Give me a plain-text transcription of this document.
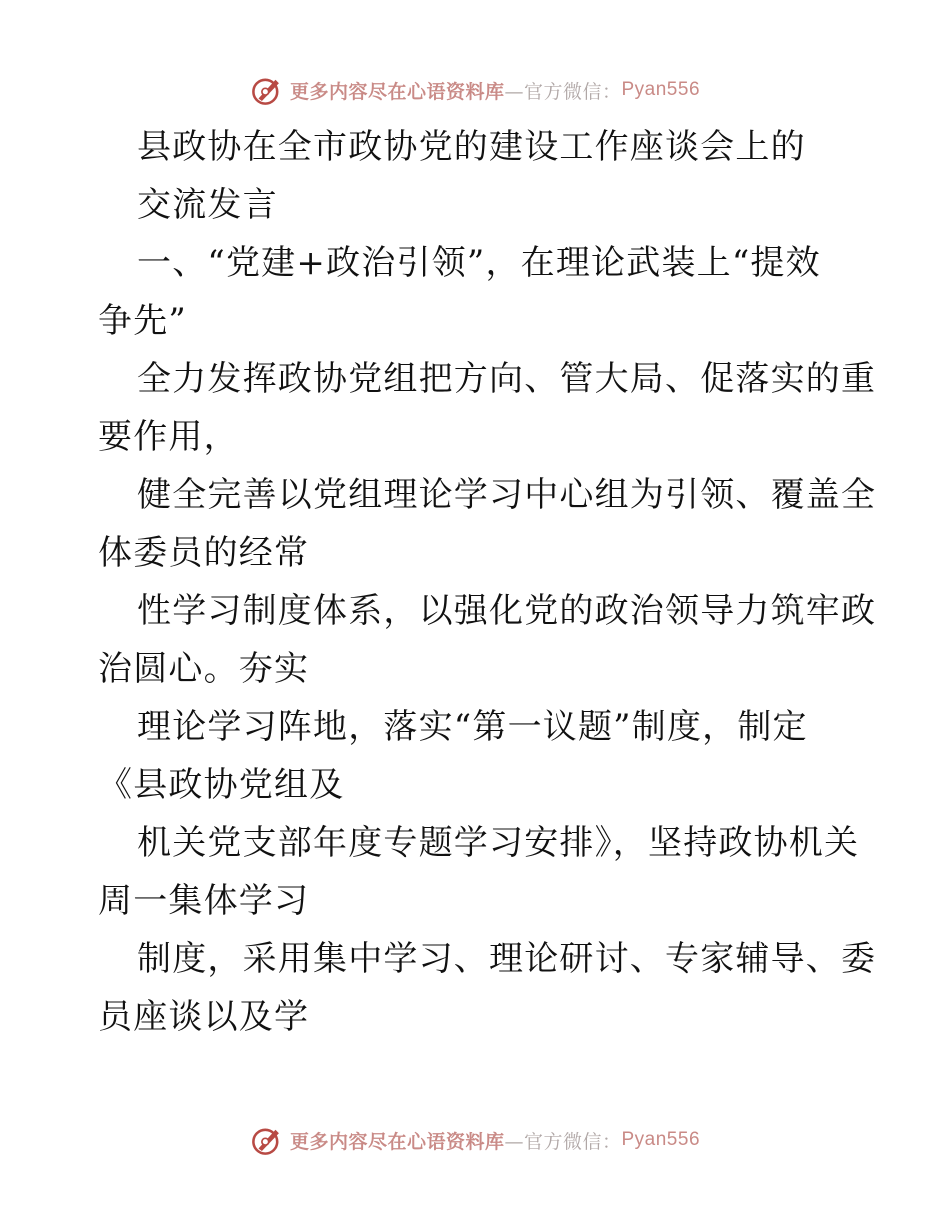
更多内容尽在心语资料库 —官方微信： Pyan556
县政协在全市政协党的建设工作座谈会上的
交流发言
一、“党建+政治引领”，在理论武装上“提效
争先”
全力发挥政协党组把方向、管大局、促落实的重
要作用，
健全完善以党组理论学习中心组为引领、覆盖全
体委员的经常
性学习制度体系，以强化党的政治领导力筑牢政
治圆心。夯实
理论学习阵地，落实“第一议题”制度，制定
《县政协党组及
机关党支部年度专题学习安排》，坚持政协机关
周一集体学习
制度，采用集中学习、理论研讨、专家辅导、委
员座谈以及学
更多内容尽在心语资料库 —官方微信： Pyan556
